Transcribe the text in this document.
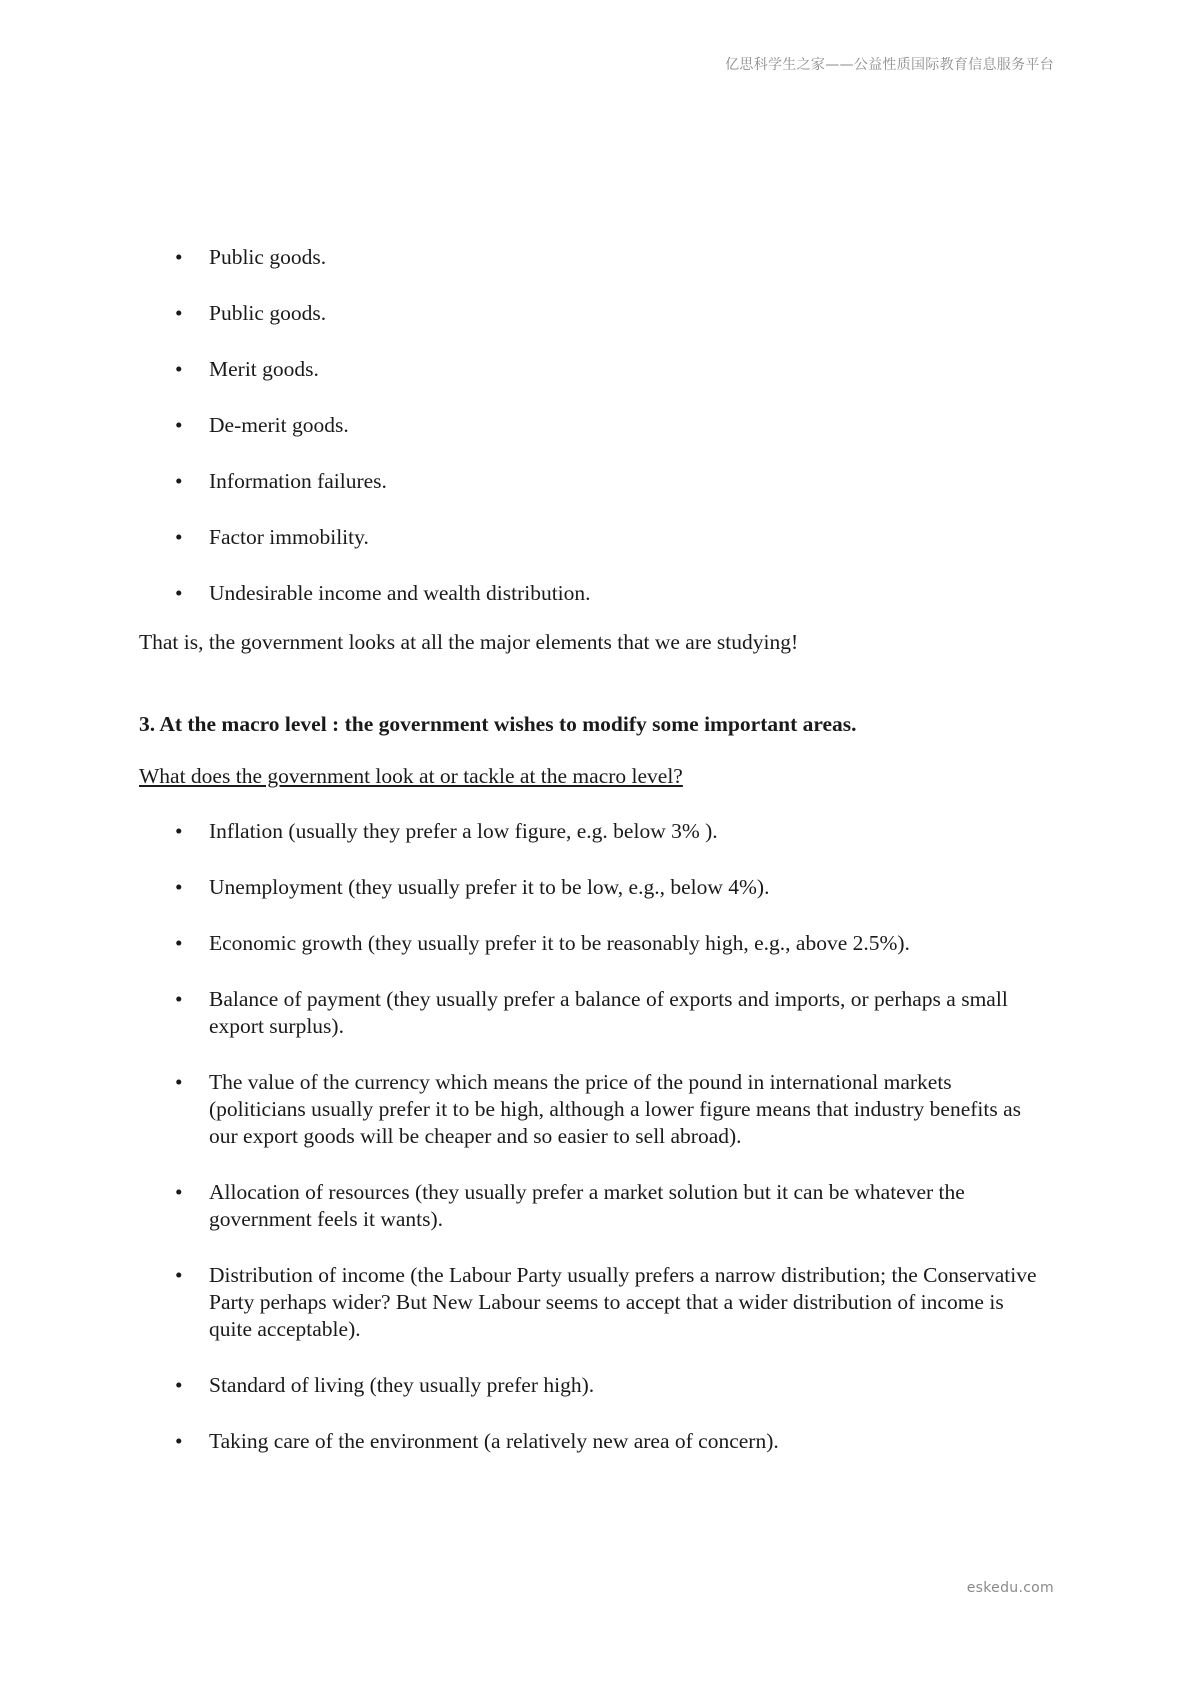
亿思科学生之家——公益性质国际教育信息服务平台
• Public goods.
• Public goods.
• Merit goods.
• De-merit goods.
• Information failures.
• Factor immobility.
• Undesirable income and wealth distribution.

That is, the government looks at all the major elements that we are studying!

3. At the macro level : the government wishes to modify some important areas.

What does the government look at or tackle at the macro level?

• Inflation (usually they prefer a low figure, e.g. below 3% ).
• Unemployment (they usually prefer it to be low, e.g., below 4%).
• Economic growth (they usually prefer it to be reasonably high, e.g., above 2.5%).
• Balance of payment (they usually prefer a balance of exports and imports, or perhaps a small export surplus).
• The value of the currency which means the price of the pound in international markets (politicians usually prefer it to be high, although a lower figure means that industry benefits as our export goods will be cheaper and so easier to sell abroad).
• Allocation of resources (they usually prefer a market solution but it can be whatever the government feels it wants).
• Distribution of income (the Labour Party usually prefers a narrow distribution; the Conservative Party perhaps wider? But New Labour seems to accept that a wider distribution of income is quite acceptable).
• Standard of living (they usually prefer high).
• Taking care of the environment (a relatively new area of concern).
eskedu.com
